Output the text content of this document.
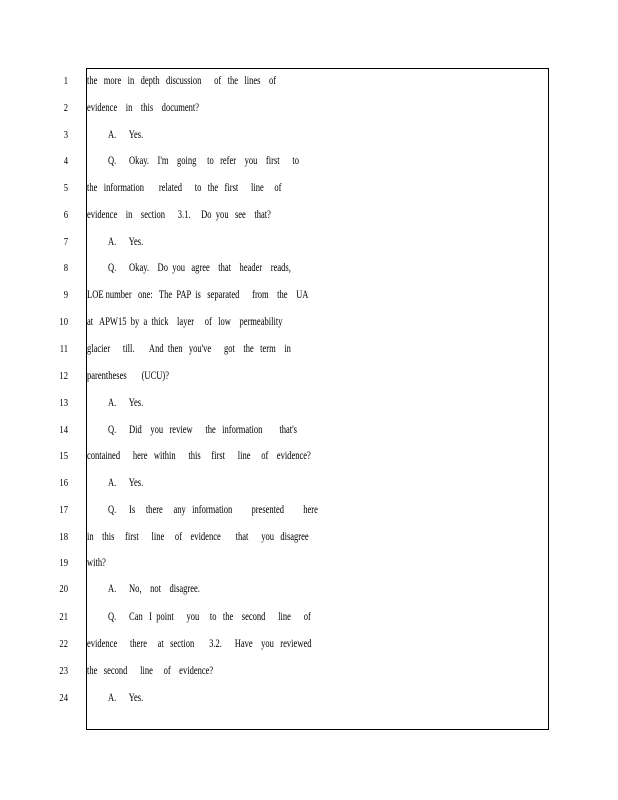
1 the   more   in   depth   discussion      of   the   lines    of
2 evidence    in    this    document?
3	A.      Yes.
4	Q.      Okay.    I'm    going     to   refer    you    first      to
5 the   information       related      to   the   first      line     of
6 evidence    in    section      3.1.     Do  you   see    that?
7	A.      Yes.
8	Q.      Okay.    Do  you   agree    that    header    reads,
9 LOE number   one:   The  PAP  is   separated      from    the    UA
10 at   APW15  by  a  thick    layer     of   low    permeability
11 glacier      till.       And  then   you've      got    the   term    in
12 parentheses       (UCU)?
13	A.      Yes.
14	Q.      Did    you   review      the   information        that's
15 contained      here   within      this     first      line     of    evidence?
16	A.      Yes.
17	Q.      Is     there     any   information         presented         here
18 in    this     first      line     of    evidence       that      you   disagree
19 with?
20	A.      No,    not    disagree.
21	Q.      Can   I  point      you     to   the    second      line      of
22 evidence      there     at   section       3.2.      Have    you   reviewed
23 the   second      line     of    evidence?
24	A.      Yes.
